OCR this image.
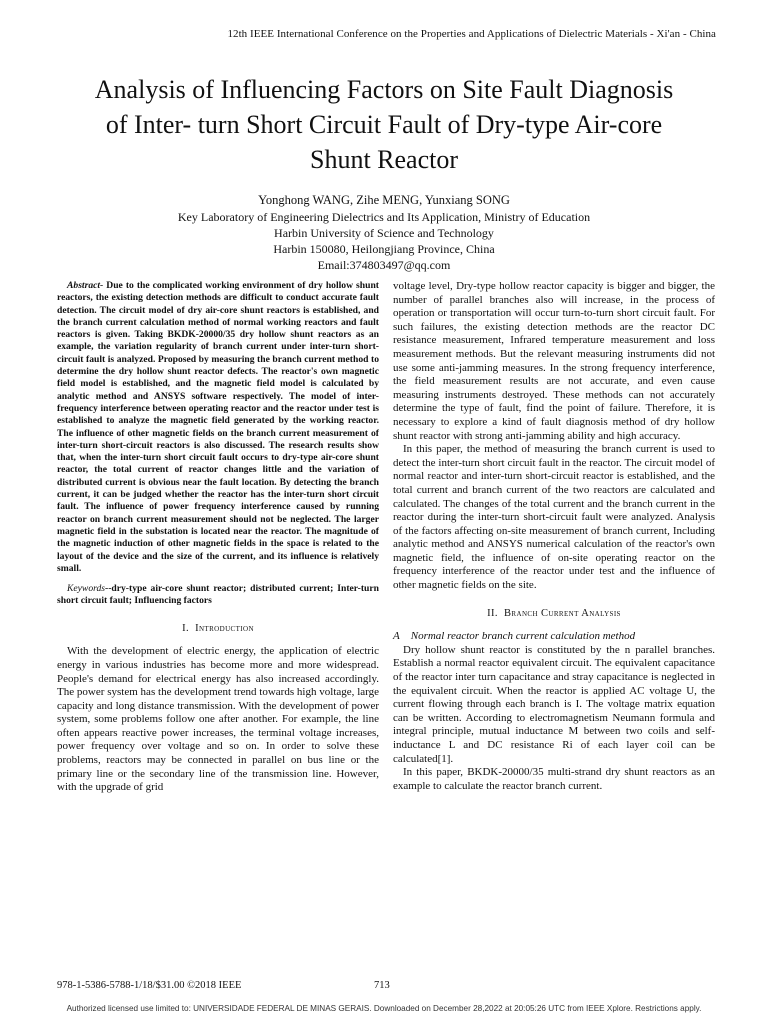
12th IEEE International Conference on the Properties and Applications of Dielectric Materials - Xi'an - China
Analysis of Influencing Factors on Site Fault Diagnosis of Inter- turn Short Circuit Fault of Dry-type Air-core Shunt Reactor
Yonghong WANG, Zihe MENG, Yunxiang SONG
Key Laboratory of Engineering Dielectrics and Its Application, Ministry of Education
Harbin University of Science and Technology
Harbin 150080, Heilongjiang Province, China
Email:374803497@qq.com

Abstract- Due to the complicated working environment of dry hollow shunt reactors, the existing detection methods are difficult to conduct accurate fault detection. The circuit model of dry air-core shunt reactors is established, and the branch current calculation method of normal working reactors and fault reactors is given. Taking BKDK-20000/35 dry hollow shunt reactors as an example, the variation regularity of branch current under inter-turn short-circuit fault is analyzed. Proposed by measuring the branch current method to determine the dry hollow shunt reactor defects. The reactor's own magnetic field model is established, and the magnetic field model is calculated by analytic method and ANSYS software respectively. The model of inter-frequency interference between operating reactor and the reactor under test is established to analyze the magnetic field generated by the working reactor. The influence of other magnetic fields on the branch current measurement of inter-turn short-circuit reactors is also discussed. The research results show that, when the inter-turn short circuit fault occurs to dry-type air-core shunt reactor, the total current of reactor changes little and the variation of distributed current is obvious near the fault location. By detecting the branch current, it can be judged whether the reactor has the inter-turn short circuit fault. The influence of power frequency interference caused by running reactor on branch current measurement should not be neglected. The larger magnetic field in the substation is located near the reactor. The magnitude of the magnetic induction of other magnetic fields in the space is related to the layout of the device and the size of the current, and its influence is relatively small.

Keywords--dry-type air-core shunt reactor; distributed current; Inter-turn short circuit fault; Influencing factors

I. Introduction

With the development of electric energy, the application of electric energy in various industries has become more and more widespread. People's demand for electrical energy has also increased accordingly. The power system has the development trend towards high voltage, large capacity and long distance transmission. With the development of power system, some problems follow one after another. For example, the line often appears reactive power increases, the terminal voltage increases, power frequency over voltage and so on. In order to solve these problems, reactors may be connected in parallel on bus line or the primary line or the secondary line of the transmission line. However, with the upgrade of grid

voltage level, Dry-type hollow reactor capacity is bigger and bigger, the number of parallel branches also will increase, in the process of operation or transportation will occur turn-to-turn short circuit fault. For such failures, the existing detection methods are the reactor DC resistance measurement, Infrared temperature measurement and loss measurement methods. But the relevant measuring instruments did not use some anti-jamming measures. In the strong frequency interference, the field measurement results are not accurate, and even cause measuring instruments destroyed. These methods can not accurately determine the type of fault, find the point of failure. Therefore, it is necessary to explore a kind of fault diagnosis method of dry hollow shunt reactor with strong anti-jamming ability and high accuracy.

In this paper, the method of measuring the branch current is used to detect the inter-turn short circuit fault in the reactor. The circuit model of normal reactor and inter-turn short-circuit reactor is established, and the total current and branch current of the two reactors are calculated and calculated. The changes of the total current and the branch current in the reactor during the inter-turn short-circuit fault were analyzed. Analysis of the factors affecting on-site measurement of branch current, Including analytic method and ANSYS numerical calculation of the reactor's own magnetic field, the influence of on-site operating reactor on the frequency interference of the reactor under test and the influence of other magnetic fields on the site.

II. Branch Current Analysis
A Normal reactor branch current calculation method

Dry hollow shunt reactor is constituted by the n parallel branches. Establish a normal reactor equivalent circuit. The equivalent capacitance of the reactor inter turn capacitance and stray capacitance is neglected in the equivalent circuit. When the reactor is applied AC voltage U, the current flowing through each branch is I. The voltage matrix equation can be written. According to electromagnetism Neumann formula and integral principle, mutual inductance M between two coils and self-inductance L and DC resistance Ri of each layer coil can be calculated[1].

In this paper, BKDK-20000/35 multi-strand dry shunt reactors as an example to calculate the reactor branch current.

978-1-5386-5788-1/18/$31.00 ©2018 IEEE	713
Authorized licensed use limited to: UNIVERSIDADE FEDERAL DE MINAS GERAIS. Downloaded on December 28,2022 at 20:05:26 UTC from IEEE Xplore. Restrictions apply.
